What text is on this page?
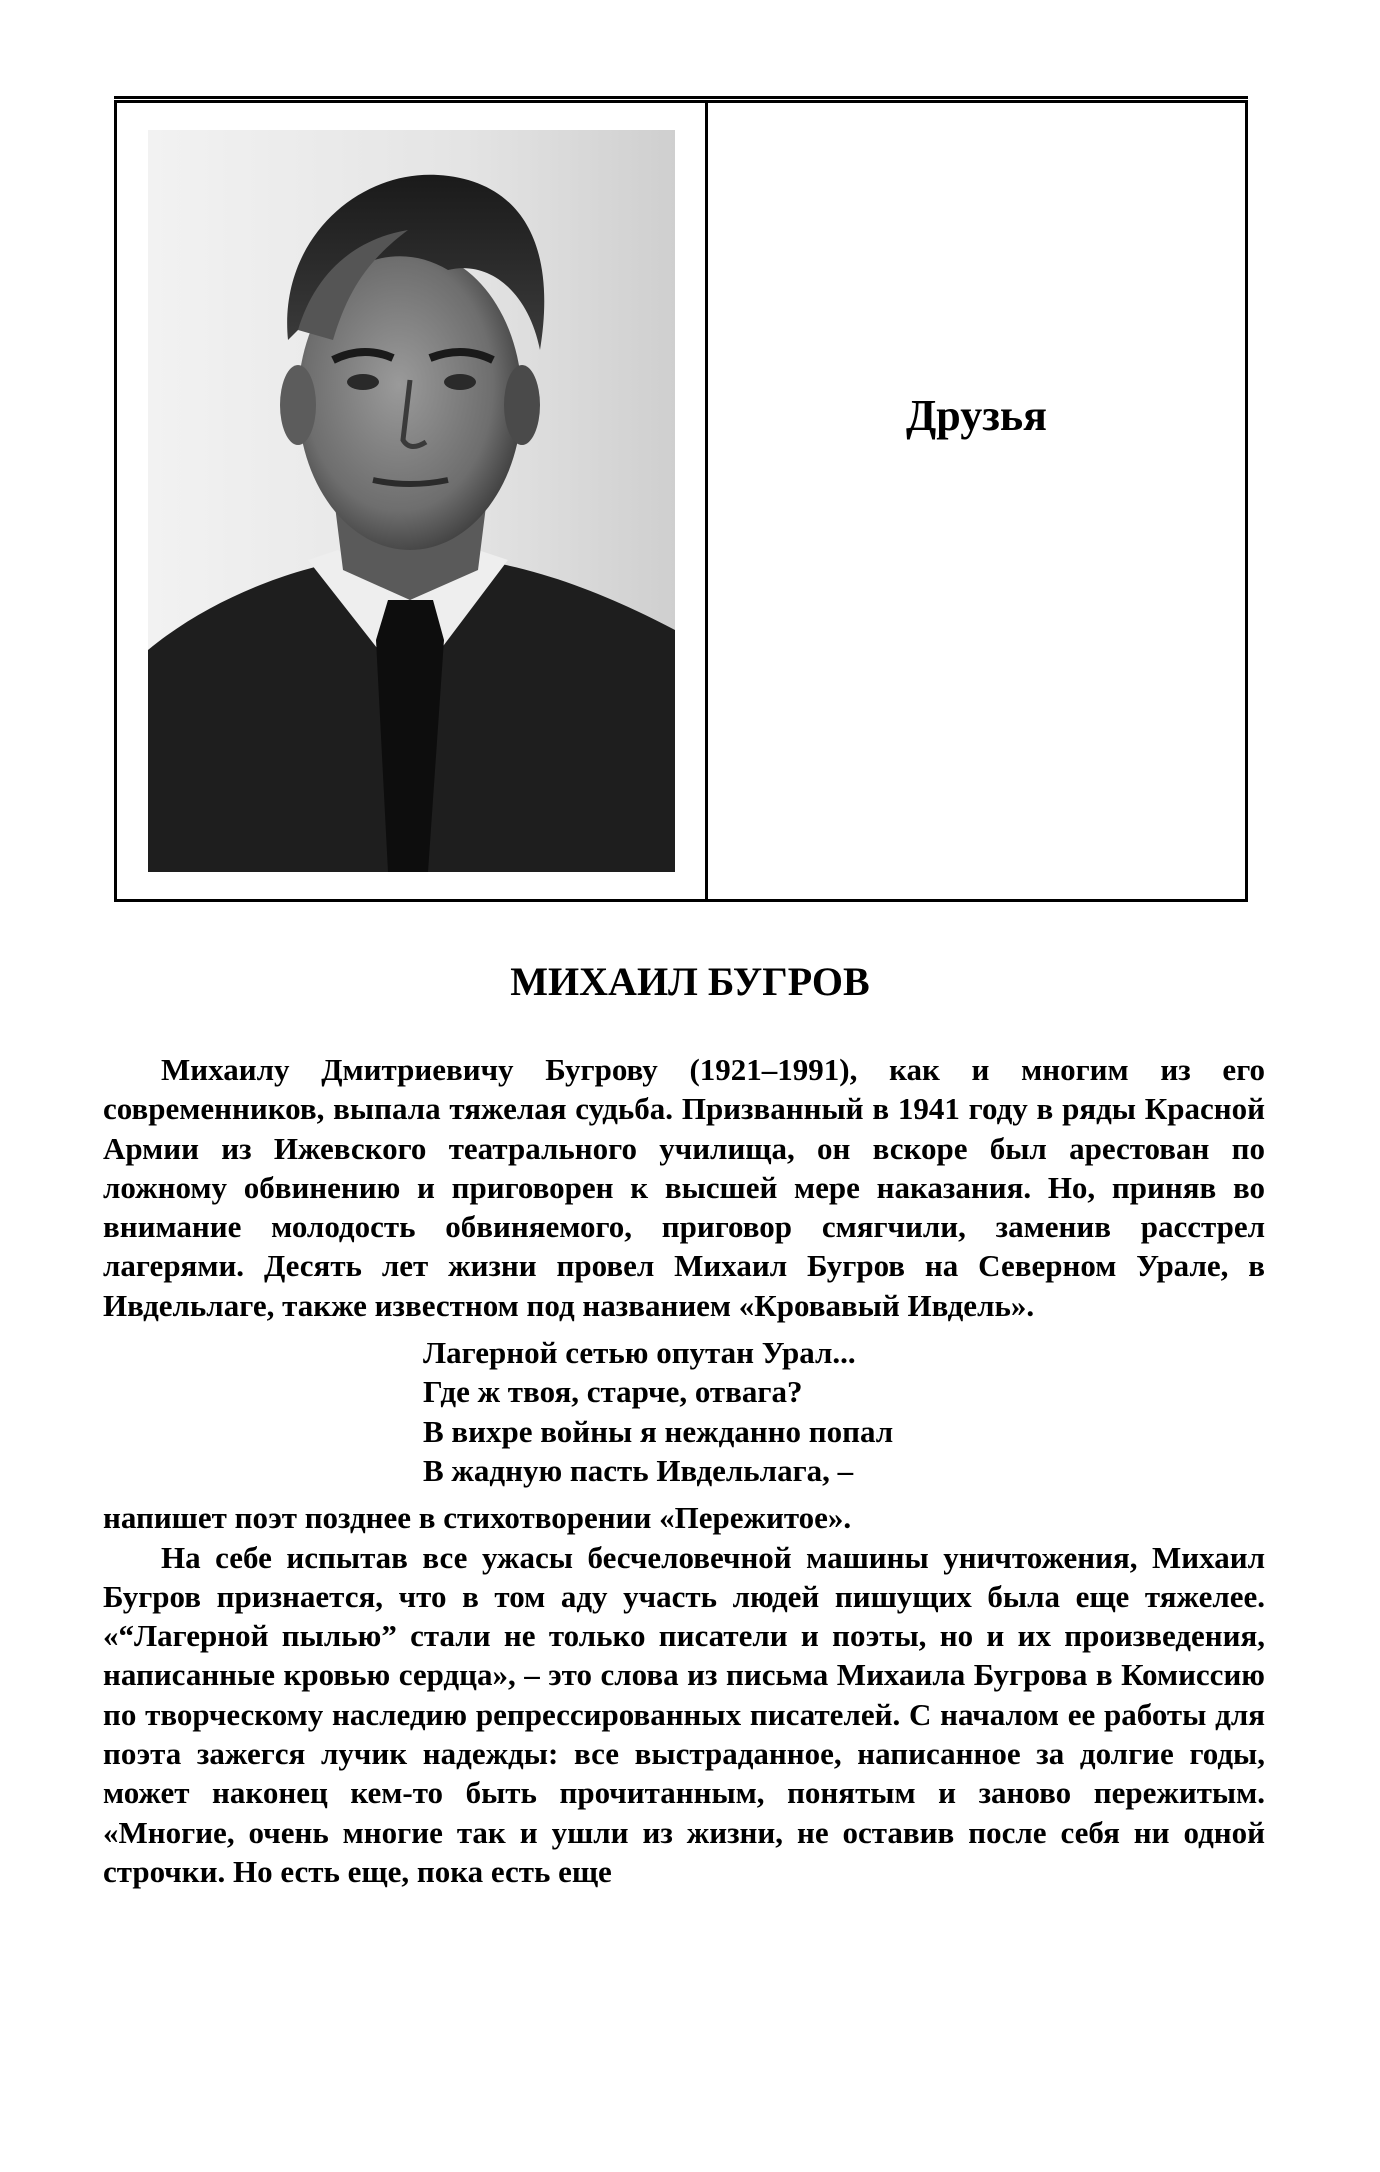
Друзья
МИХАИЛ БУГРОВ

Михаилу Дмитриевичу Бугрову (1921–1991), как и многим из его современников, выпала тяжелая судьба. Призванный в 1941 году в ряды Красной Армии из Ижевского театрального училища, он вскоре был арестован по ложному обвинению и приговорен к высшей мере наказания. Но, приняв во внимание молодость обвиняемого, приговор смягчили, заменив расстрел лагерями. Десять лет жизни провел Михаил Бугров на Северном Урале, в Ивдельлаге, также известном под названием «Кровавый Ивдель».

Лагерной сетью опутан Урал...
Где ж твоя, старче, отвага?
В вихре войны я нежданно попал
В жадную пасть Ивдельлага, –

напишет поэт позднее в стихотворении «Пережитое».

На себе испытав все ужасы бесчеловечной машины уничтожения, Михаил Бугров признается, что в том аду участь людей пишущих была еще тяжелее. «“Лагерной пылью” стали не только писатели и поэты, но и их произведения, написанные кровью сердца», – это слова из письма Михаила Бугрова в Комиссию по творческому наследию репрессированных писателей. С началом ее работы для поэта зажегся лучик надежды: все выстраданное, написанное за долгие годы, может наконец кем-то быть прочитанным, понятым и заново пережитым. «Многие, очень многие так и ушли из жизни, не оставив после себя ни одной строчки. Но есть еще, пока есть еще
